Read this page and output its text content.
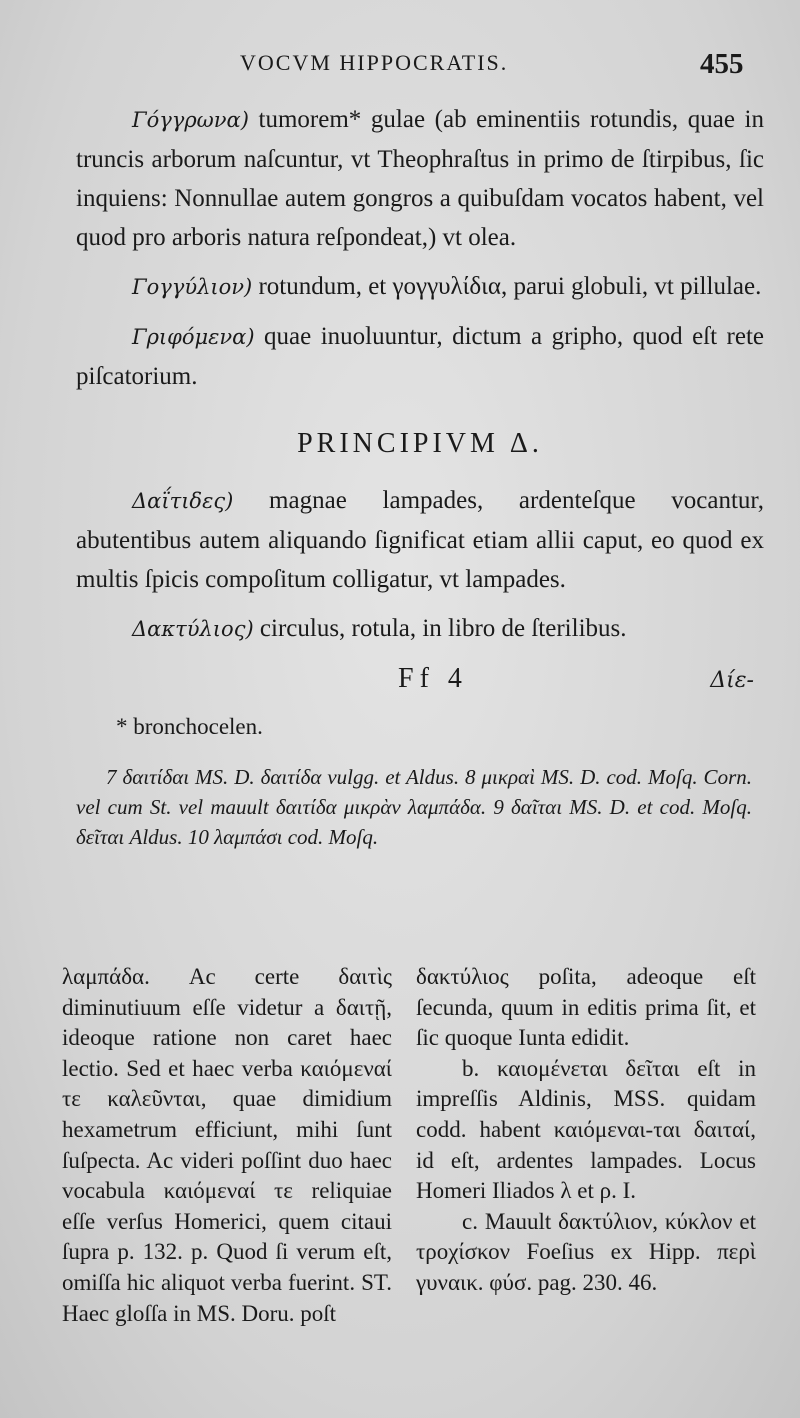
VOCVM HIPPOCRATIS.	455

Γόγγρωνα) tumorem* gulae (ab eminentiis rotundis, quae in truncis arborum naſcuntur, vt Theophraſtus in primo de ſtirpibus, ſic inquiens: Nonnullae autem gongros a quibuſdam vocatos habent, vel quod pro arboris natura reſpondeat,) vt olea.

Γογγύλιον) rotundum, et γογγυλίδια, parui globuli, vt pillulae.

Γριφόμενα) quae inuoluuntur, dictum a gripho, quod eſt rete piſcatorium.

PRINCIPIVM Δ.

Δαΐτιδες) magnae lampades, ardenteſque vocantur, abutentibus autem aliquando ſignificat etiam allii caput, eo quod ex multis ſpicis compoſitum colligatur, vt lampades.

Δακτύλιος) circulus, rotula, in libro de ſterilibus.

Ff 4	Δίε-
* bronchocelen.
7 δαιτίδαι MS. D. δαιτίδα vulgg. et Aldus. 8 μικραὶ MS. D. cod. Moſq. Corn. vel cum St. vel mauult δαιτίδα μικρὰν λαμπάδα. 9 δαῖται MS. D. et cod. Moſq. δεῖται Aldus. 10 λαμπάσι cod. Moſq.

λαμπάδα. Ac certe δαιτὶς diminutiuum eſſe videtur a δαιτῇ, ideoque ratione non caret haec lectio. Sed et haec verba καιόμεναί τε καλεῦνται, quae dimidium hexametrum efficiunt, mihi ſunt ſuſpecta. Ac videri poſſint duo haec vocabula καιόμεναί τε reliquiae eſſe verſus Homerici, quem citaui ſupra p. 132. p. Quod ſi verum eſt, omiſſa hic aliquot verba fuerint. ST. Haec gloſſa in MS. Doru. poſt

δακτύλιος poſita, adeoque eſt ſecunda, quum in editis prima ſit, et ſic quoque Iunta edidit.

b. καιομένεται δεῖται eſt in impreſſis Aldinis, MSS. quidam codd. habent καιόμεναι-ται δαιταί, id eſt, ardentes lampades. Locus Homeri Iliados λ et ρ. I.

c. Mauult δακτύλιον, κύκλον et τροχίσκον Foeſius ex Hipp. περὶ γυναικ. φύσ. pag. 230. 46.
